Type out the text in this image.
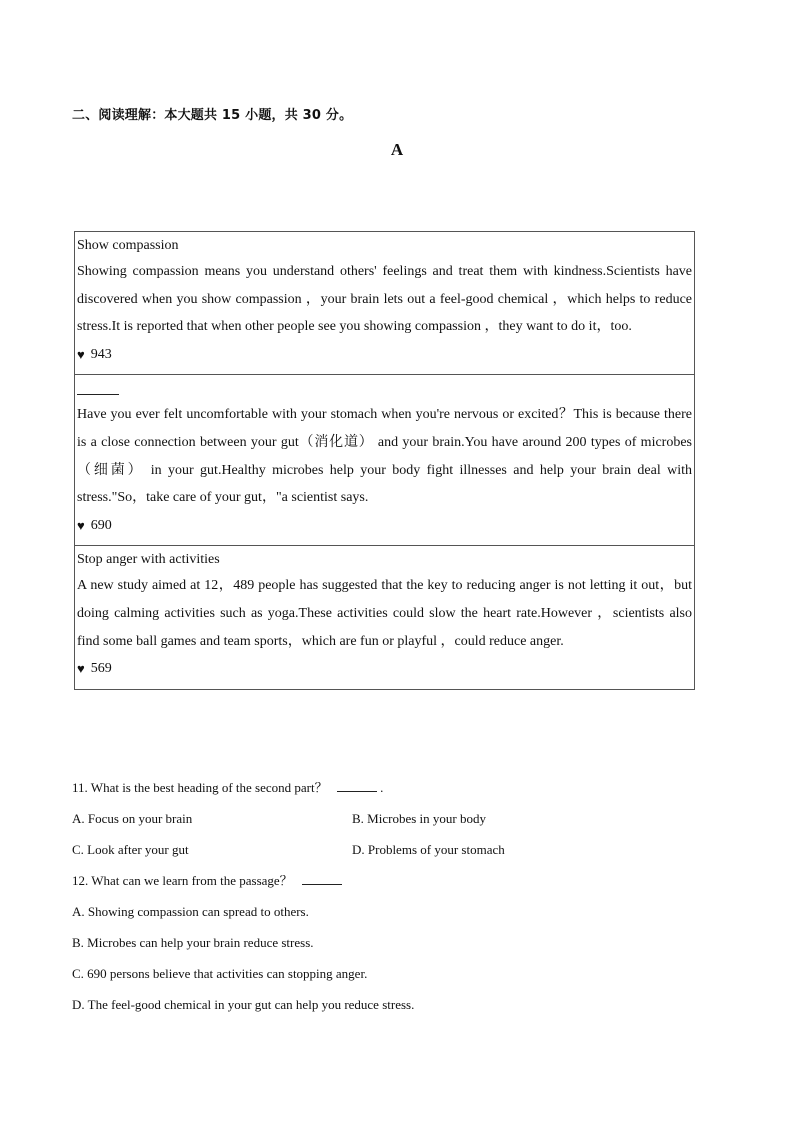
二、阅读理解：本大题共 15 小题，共 30 分。
A

Show compassion

Showing compassion means you understand others' feelings and treat them with kindness.Scientists have discovered when you show compassion ，your brain lets out a feel-good chemical ，which helps to reduce stress.It is reported that when other people see you showing compassion ，they want to do it，too.

♥ 943

Have you ever felt uncomfortable with your stomach when you're nervous or excited？This is because there is a close connection between your gut（消化道） and your brain.You have around 200 types of microbes（细菌） in your gut.Healthy microbes help your body fight illnesses and help your brain deal with stress."So，take care of your gut，"a scientist says.

♥ 690

Stop anger with activities

A new study aimed at 12，489 people has suggested that the key to reducing anger is not letting it out，but doing calming activities such as yoga.These activities could slow the heart rate.However ，scientists also find some ball games and team sports，which are fun or playful ，could reduce anger.

♥ 569
11. What is the best heading of the second part？	.
A. Focus on your brain	B. Microbes in your body
C. Look after your gut	D. Problems of your stomach
12. What can we learn from the passage？
A. Showing compassion can spread to others.
B. Microbes can help your brain reduce stress.
C. 690 persons believe that activities can stopping anger.
D. The feel-good chemical in your gut can help you reduce stress.
